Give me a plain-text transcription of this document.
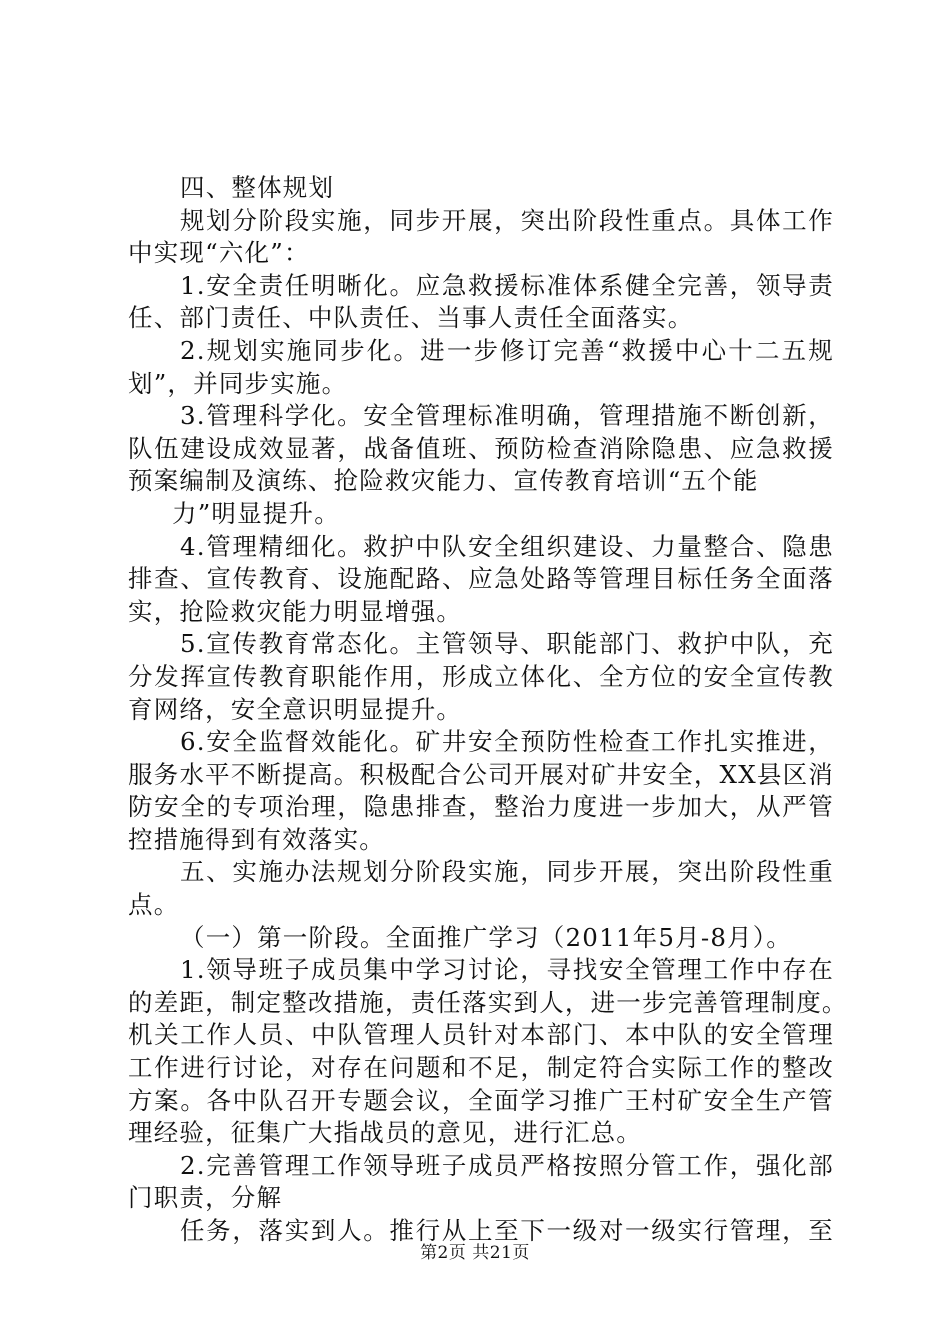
四、整体规划
规划分阶段实施，同步开展，突出阶段性重点。具体工作
中实现“六化”：
1.安全责任明晰化。应急救援标准体系健全完善，领导责
任、部门责任、中队责任、当事人责任全面落实。
2.规划实施同步化。进一步修订完善“救援中心十二五规
划”，并同步实施。
3.管理科学化。安全管理标准明确，管理措施不断创新，
队伍建设成效显著，战备值班、预防检查消除隐患、应急救援
预案编制及演练、抢险救灾能力、宣传教育培训“五个能
力”明显提升。
4.管理精细化。救护中队安全组织建设、力量整合、隐患
排查、宣传教育、设施配路、应急处路等管理目标任务全面落
实，抢险救灾能力明显增强。
5.宣传教育常态化。主管领导、职能部门、救护中队，充
分发挥宣传教育职能作用，形成立体化、全方位的安全宣传教
育网络，安全意识明显提升。
6.安全监督效能化。矿井安全预防性检查工作扎实推进，
服务水平不断提高。积极配合公司开展对矿井安全，XX县区消
防安全的专项治理，隐患排查，整治力度进一步加大，从严管
控措施得到有效落实。
五、实施办法规划分阶段实施，同步开展，突出阶段性重
点。
（一）第一阶段。全面推广学习（2011年5月-8月）。
1.领导班子成员集中学习讨论，寻找安全管理工作中存在
的差距，制定整改措施，责任落实到人，进一步完善管理制度。
机关工作人员、中队管理人员针对本部门、本中队的安全管理
工作进行讨论，对存在问题和不足，制定符合实际工作的整改
方案。各中队召开专题会议，全面学习推广王村矿安全生产管
理经验，征集广大指战员的意见，进行汇总。
2.完善管理工作领导班子成员严格按照分管工作，强化部
门职责，分解
任务，落实到人。推行从上至下一级对一级实行管理，至
第2页 共21页
